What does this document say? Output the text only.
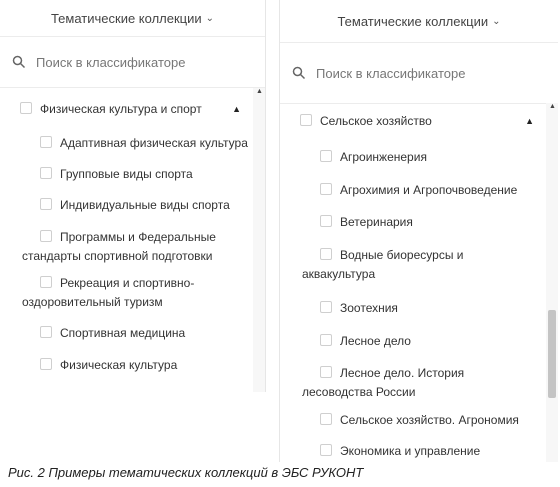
Тематические коллекции ⌄
Поиск в классификаторе
Физическая культура и спорт	▲
Адаптивная физическая культура
Групповые виды спорта
Индивидуальные виды спорта
Программы и Федеральные
стандарты спортивной подготовки
Рекреация и спортивно-
оздоровительный туризм
Спортивная медицина
Физическая культура
▲
Тематические коллекции ⌄
Поиск в классификаторе
Сельское хозяйство	▲
Агроинженерия
Агрохимия и Агропочвоведение
Ветеринария
Водные биоресурсы и
аквакультура
Зоотехния
Лесное дело
Лесное дело. История
лесоводства России
Сельское хозяйство. Агрономия
Экономика и управление
▲
Рис. 2 Примеры тематических коллекций в ЭБС РУКОНТ
